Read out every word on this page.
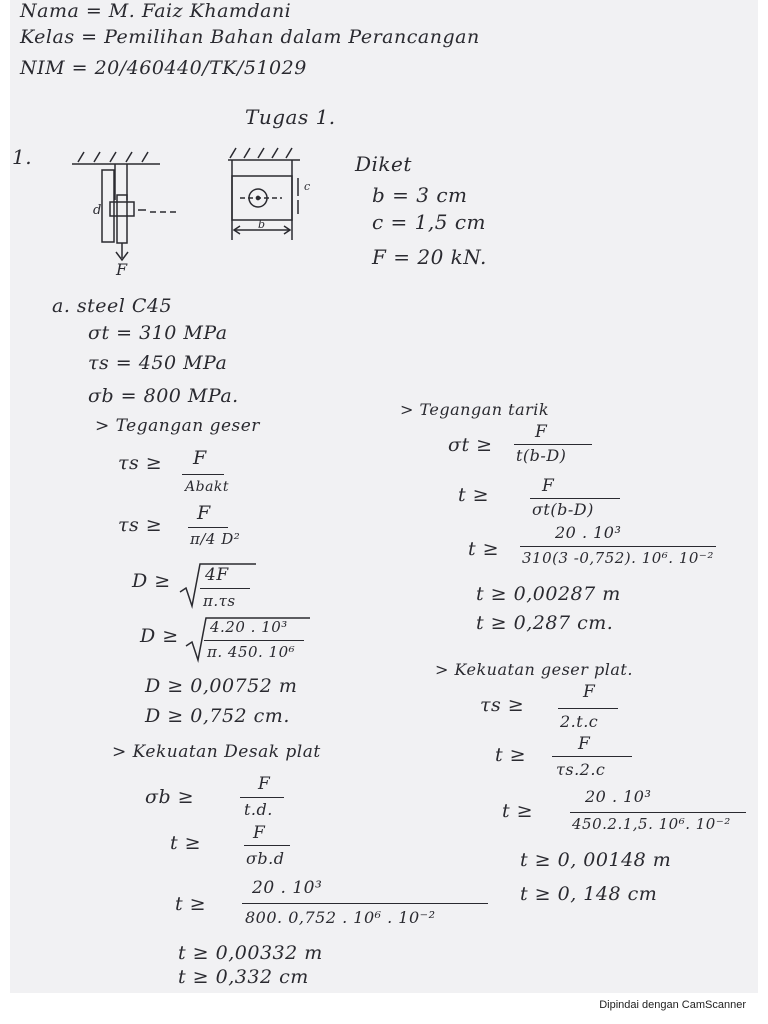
Nama = M. Faiz Khamdani
Kelas = Pemilihan Bahan dalam Perancangan
NIM = 20/460440/TK/51029
Tugas 1.
1.
d
F
b
c
Diket
b = 3 cm
c = 1,5 cm
F = 20 kN.
a. steel C45
σt = 310 MPa
τs = 450 MPa
σb = 800 MPa.
> Tegangan geser
τs ≥ F
Abakt
τs ≥
F
π/4 D²
D ≥ 4F
π.τs
D ≥ 4.20 . 10³
π. 450. 10⁶
D ≥ 0,00752 m
D ≥ 0,752 cm.
> Kekuatan Desak plat
σb ≥
F
t.d.
t ≥	F
σb.d
t ≥
20 . 10³
800. 0,752 . 10⁶ . 10⁻²
t ≥ 0,00332 m
t ≥ 0,332 cm
> Tegangan tarik
σt ≥
F
t(b-D)
t ≥	F
σt(b-D)
t ≥
20 . 10³
310(3 -0,752). 10⁶. 10⁻²
t ≥ 0,00287 m
t ≥ 0,287 cm.
> Kekuatan geser plat.
τs ≥
F
2.t.c
t ≥	F
τs.2.c
t ≥
20 . 10³
450.2.1,5. 10⁶. 10⁻²
t ≥ 0, 00148 m
t ≥ 0, 148 cm
Dipindai dengan CamScanner
